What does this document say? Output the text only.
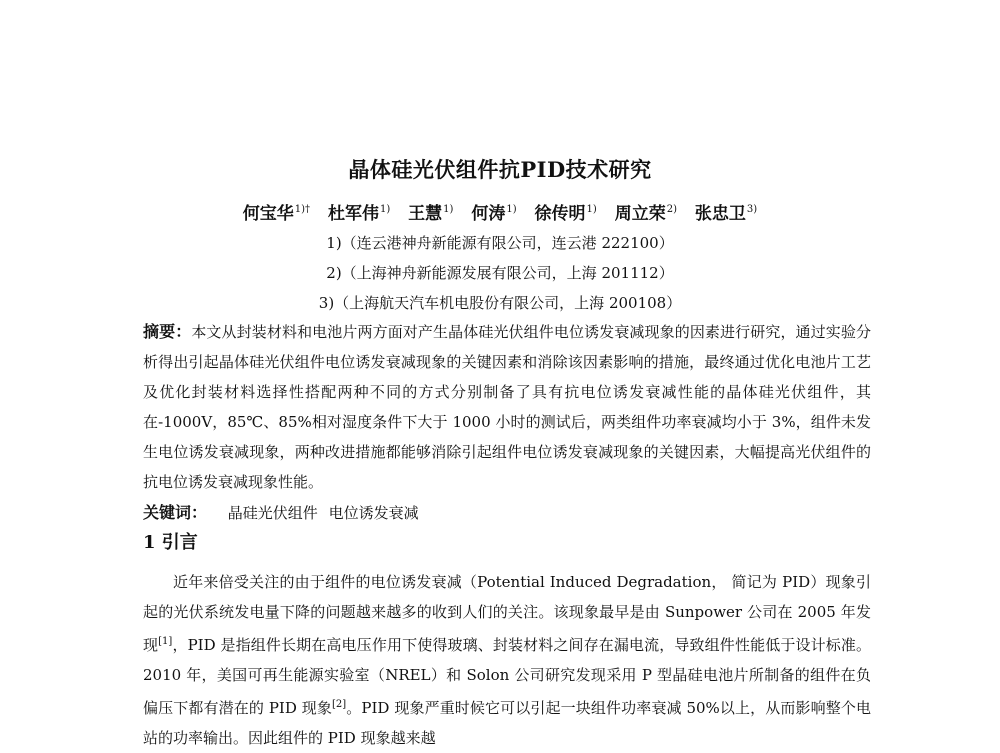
晶体硅光伏组件抗PID技术研究
何宝华$^{1)\dagger}$ 杜军伟$^{1)}$ 王慧$^{1)}$ 何涛$^{1)}$ 徐传明$^{1)}$ 周立荣$^{2)}$ 张忠卫$^{3)}$
1)（连云港神舟新能源有限公司，连云港 222100）
2)（上海神舟新能源发展有限公司，上海 201112）
3)（上海航天汽车机电股份有限公司，上海 200108）
摘要：本文从封装材料和电池片两方面对产生晶体硅光伏组件电位诱发衰减现象的因素进行研究，通过实验分析得出引起晶体硅光伏组件电位诱发衰减现象的关键因素和消除该因素影响的措施，最终通过优化电池片工艺及优化封装材料选择性搭配两种不同的方式分别制备了具有抗电位诱发衰减性能的晶体硅光伏组件，其在-1000V，85℃、85%相对湿度条件下大于 1000 小时的测试后，两类组件功率衰减均小于 3%，组件未发生电位诱发衰减现象，两种改进措施都能够消除引起组件电位诱发衰减现象的关键因素，大幅提高光伏组件的抗电位诱发衰减现象性能。
关键词： 晶硅光伏组件 电位诱发衰减
1 引言
近年来倍受关注的由于组件的电位诱发衰减（Potential Induced Degradation， 简记为 PID）现象引起的光伏系统发电量下降的问题越来越多的收到人们的关注。该现象最早是由 Sunpower 公司在 2005 年发现[1]，PID 是指组件长期在高电压作用下使得玻璃、封装材料之间存在漏电流，导致组件性能低于设计标准。2010 年，美国可再生能源实验室（NREL）和 Solon 公司研究发现采用 P 型晶硅电池片所制备的组件在负偏压下都有潜在的 PID 现象[2]。PID 现象严重时候它可以引起一块组件功率衰减 50%以上，从而影响整个电站的功率输出。因此组件的 PID 现象越来越
